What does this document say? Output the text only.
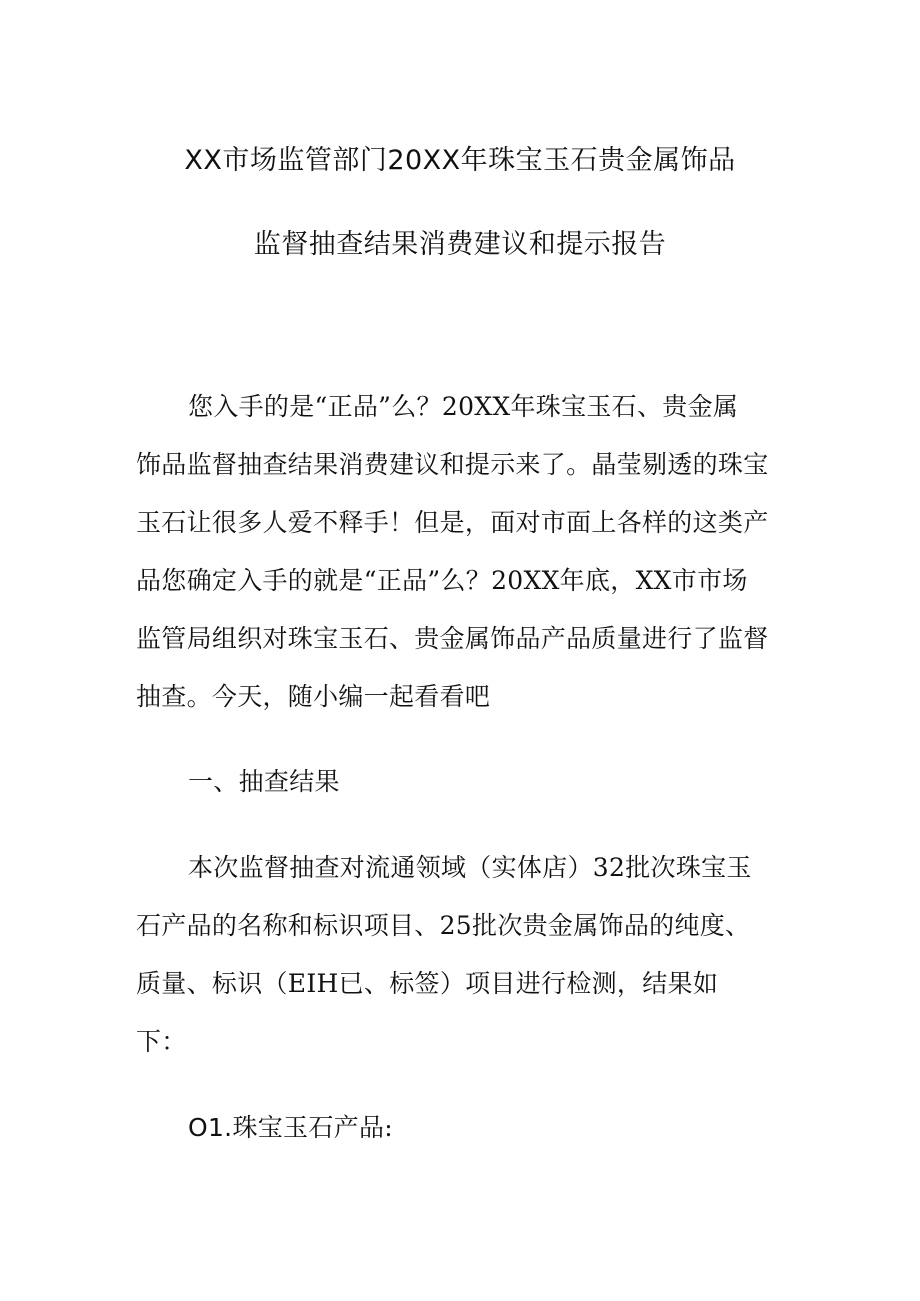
XX市场监管部门20XX年珠宝玉石贵金属饰品
监督抽查结果消费建议和提示报告
您入手的是“正品”么？20XX年珠宝玉石、贵金属
饰品监督抽查结果消费建议和提示来了。晶莹剔透的珠宝
玉石让很多人爱不释手！但是，面对市面上各样的这类产
品您确定入手的就是“正品”么？20XX年底，XX市市场
监管局组织对珠宝玉石、贵金属饰品产品质量进行了监督
抽查。今天，随小编一起看看吧
一、抽查结果
本次监督抽查对流通领域（实体店）32批次珠宝玉
石产品的名称和标识项目、25批次贵金属饰品的纯度、
质量、标识（EIH已、标签）项目进行检测，结果如
下：
O1.珠宝玉石产品:
